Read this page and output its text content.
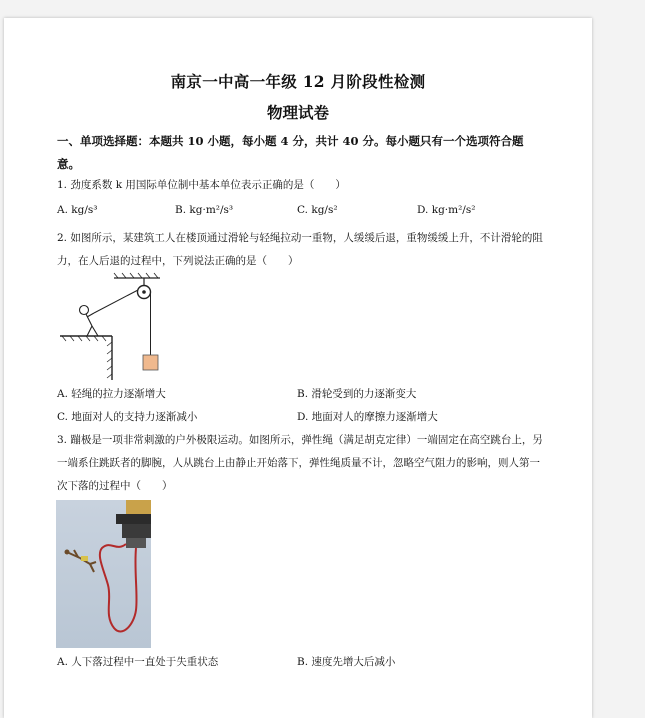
南京一中高一年级 12 月阶段性检测
物理试卷
一、单项选择题：本题共 10 小题，每小题 4 分，共计 40 分。每小题只有一个选项符合题意。
1. 劲度系数 k 用国际单位制中基本单位表示正确的是（　　）
A. kg/s³	B. kg·m²/s³	C. kg/s²	D. kg·m²/s²
2. 如图所示，某建筑工人在楼顶通过滑轮与轻绳拉动一重物，人缓缓后退，重物缓缓上升，不计滑轮的阻
力，在人后退的过程中，下列说法正确的是（　　）
A. 轻绳的拉力逐渐增大	B. 滑轮受到的力逐渐变大
C. 地面对人的支持力逐渐减小	D. 地面对人的摩擦力逐渐增大
3. 蹦极是一项非常刺激的户外极限运动。如图所示，弹性绳（满足胡克定律）一端固定在高空跳台上，另
一端系住跳跃者的脚腕，人从跳台上由静止开始落下，弹性绳质量不计，忽略空气阻力的影响，则人第一
次下落的过程中（　　）
A. 人下落过程中一直处于失重状态	B. 速度先增大后减小
